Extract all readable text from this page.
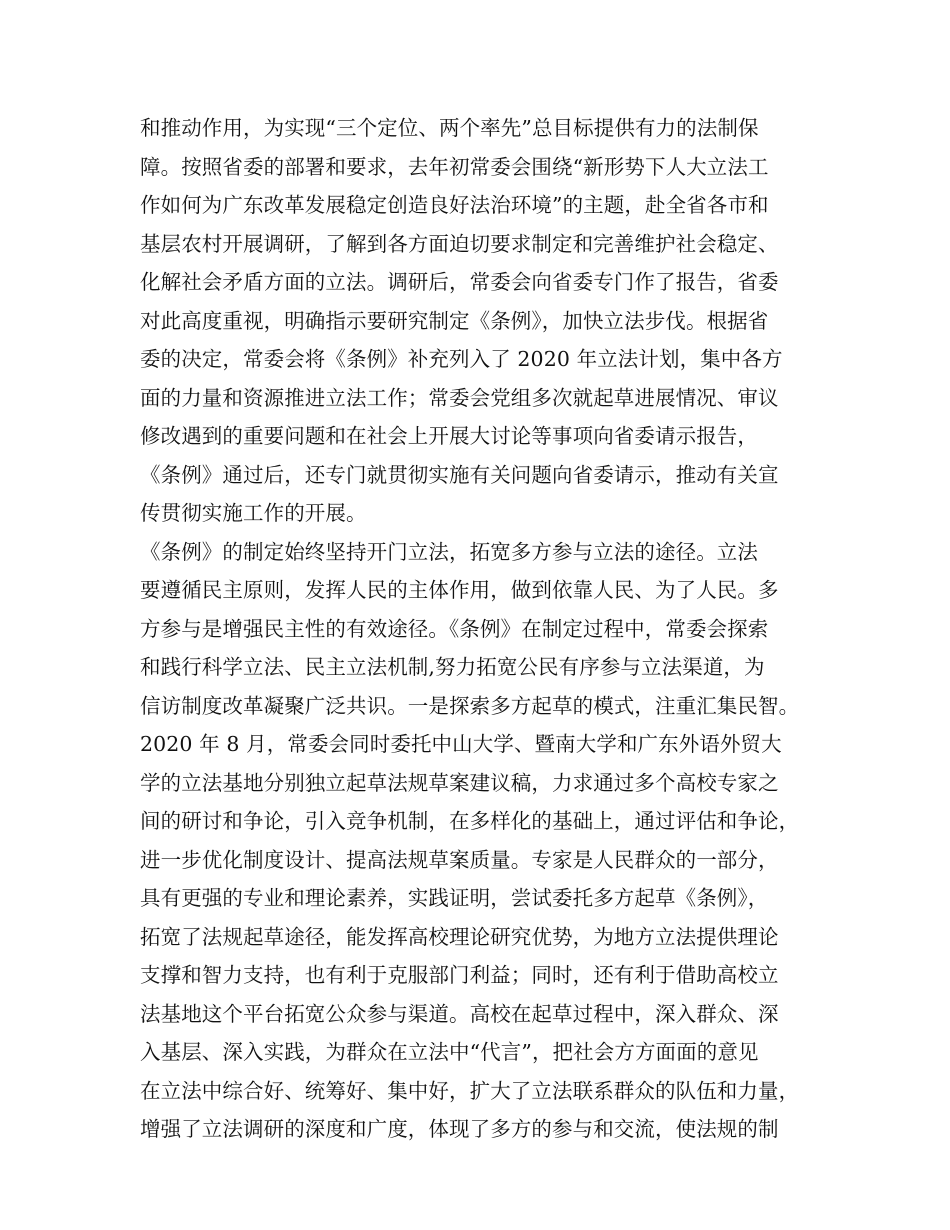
和推动作用，为实现“三个定位、两个率先”总目标提供有力的法制保
障。按照省委的部署和要求，去年初常委会围绕“新形势下人大立法工
作如何为广东改革发展稳定创造良好法治环境”的主题，赴全省各市和
基层农村开展调研，了解到各方面迫切要求制定和完善维护社会稳定、
化解社会矛盾方面的立法。调研后，常委会向省委专门作了报告，省委
对此高度重视，明确指示要研究制定《条例》，加快立法步伐。根据省
委的决定，常委会将《条例》补充列入了 2020 年立法计划，集中各方
面的力量和资源推进立法工作；常委会党组多次就起草进展情况、审议
修改遇到的重要问题和在社会上开展大讨论等事项向省委请示报告，
《条例》通过后，还专门就贯彻实施有关问题向省委请示，推动有关宣
传贯彻实施工作的开展。
《条例》的制定始终坚持开门立法，拓宽多方参与立法的途径。立法
要遵循民主原则，发挥人民的主体作用，做到依靠人民、为了人民。多
方参与是增强民主性的有效途径。《条例》在制定过程中，常委会探索
和践行科学立法、民主立法机制,努力拓宽公民有序参与立法渠道，为
信访制度改革凝聚广泛共识。一是探索多方起草的模式，注重汇集民智。
2020 年 8 月，常委会同时委托中山大学、暨南大学和广东外语外贸大
学的立法基地分别独立起草法规草案建议稿，力求通过多个高校专家之
间的研讨和争论，引入竞争机制，在多样化的基础上，通过评估和争论，
进一步优化制度设计、提高法规草案质量。专家是人民群众的一部分，
具有更强的专业和理论素养，实践证明，尝试委托多方起草《条例》，
拓宽了法规起草途径，能发挥高校理论研究优势，为地方立法提供理论
支撑和智力支持，也有利于克服部门利益；同时，还有利于借助高校立
法基地这个平台拓宽公众参与渠道。高校在起草过程中，深入群众、深
入基层、深入实践，为群众在立法中“代言”，把社会方方面面的意见
在立法中综合好、统筹好、集中好，扩大了立法联系群众的队伍和力量，
增强了立法调研的深度和广度，体现了多方的参与和交流，使法规的制
